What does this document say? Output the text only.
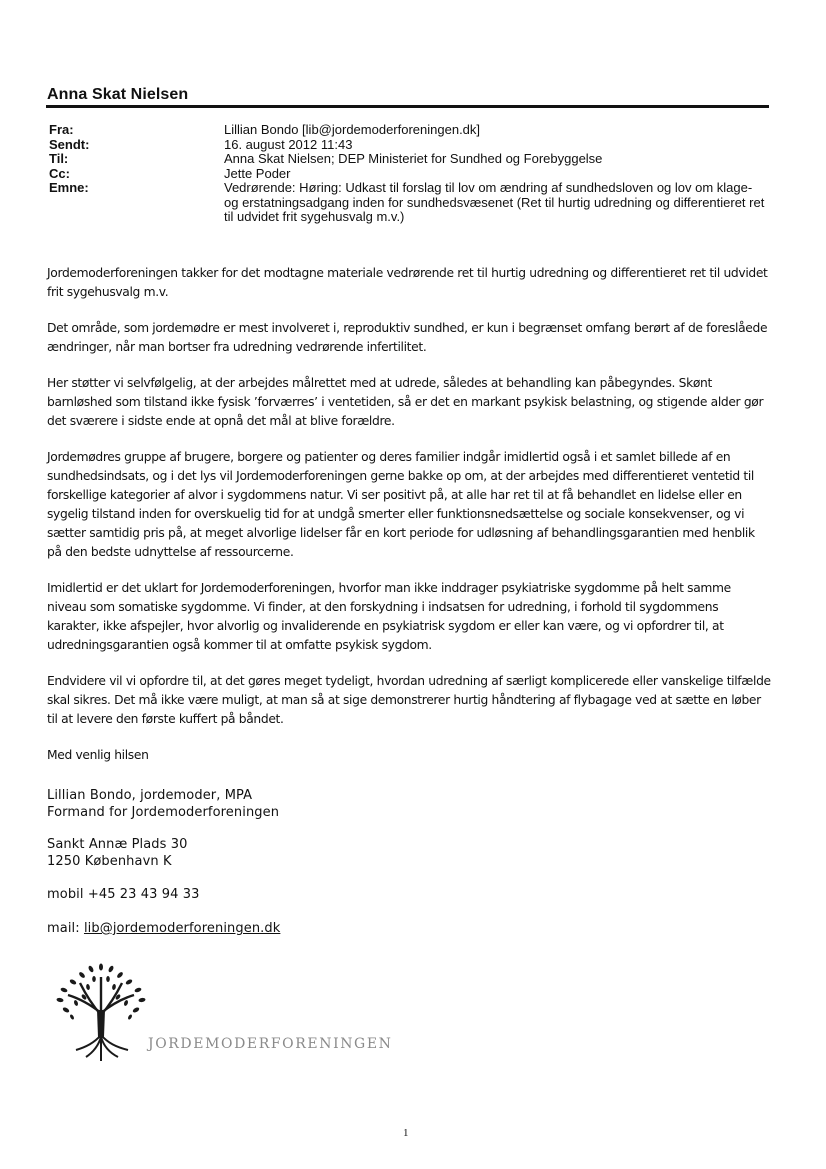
Anna Skat Nielsen
Fra:	Lillian Bondo [lib@jordemoderforeningen.dk]
Sendt:	16. august 2012 11:43
Til:	Anna Skat Nielsen; DEP Ministeriet for Sundhed og Forebyggelse
Cc:	Jette Poder
Emne:	Vedrørende: Høring: Udkast til forslag til lov om ændring af sundhedsloven og lov om klage- og erstatningsadgang inden for sundhedsvæsenet (Ret til hurtig udredning og differentieret ret til udvidet frit sygehusvalg m.v.)

Jordemoderforeningen takker for det modtagne materiale vedrørende ret til hurtig udredning og differentieret ret til udvidet frit sygehusvalg m.v.

Det område, som jordemødre er mest involveret i, reproduktiv sundhed, er kun i begrænset omfang berørt af de foreslåede ændringer, når man bortser fra udredning vedrørende infertilitet.

Her støtter vi selvfølgelig, at der arbejdes målrettet med at udrede, således at behandling kan påbegyndes. Skønt barnløshed som tilstand ikke fysisk ’forværres’ i ventetiden, så er det en markant psykisk belastning, og stigende alder gør det sværere i sidste ende at opnå det mål at blive forældre.

Jordemødres gruppe af brugere, borgere og patienter og deres familier indgår imidlertid også i et samlet billede af en sundhedsindsats, og i det lys vil Jordemoderforeningen gerne bakke op om, at der arbejdes med differentieret ventetid til forskellige kategorier af alvor i sygdommens natur. Vi ser positivt på, at alle har ret til at få behandlet en lidelse eller en sygelig tilstand inden for overskuelig tid for at undgå smerter eller funktionsnedsættelse og sociale konsekvenser, og vi sætter samtidig pris på, at meget alvorlige lidelser får en kort periode for udløsning af behandlingsgarantien med henblik på den bedste udnyttelse af ressourcerne.

Imidlertid er det uklart for Jordemoderforeningen, hvorfor man ikke inddrager psykiatriske sygdomme på helt samme niveau som somatiske sygdomme. Vi finder, at den forskydning i indsatsen for udredning, i forhold til sygdommens karakter, ikke afspejler, hvor alvorlig og invaliderende en psykiatrisk sygdom er eller kan være, og vi opfordrer til, at udredningsgarantien også kommer til at omfatte psykisk sygdom.

Endvidere vil vi opfordre til, at det gøres meget tydeligt, hvordan udredning af særligt komplicerede eller vanskelige tilfælde skal sikres. Det må ikke være muligt, at man så at sige demonstrerer hurtig håndtering af flybagage ved at sætte en løber til at levere den første kuffert på båndet.

Med venlig hilsen

Lillian Bondo, jordemoder, MPA
Formand for Jordemoderforeningen
Sankt Annæ Plads 30
1250 København K
mobil +45 23 43 94 33
mail: lib@jordemoderforeningen.dk
JORDEMODERFORENINGEN
1
